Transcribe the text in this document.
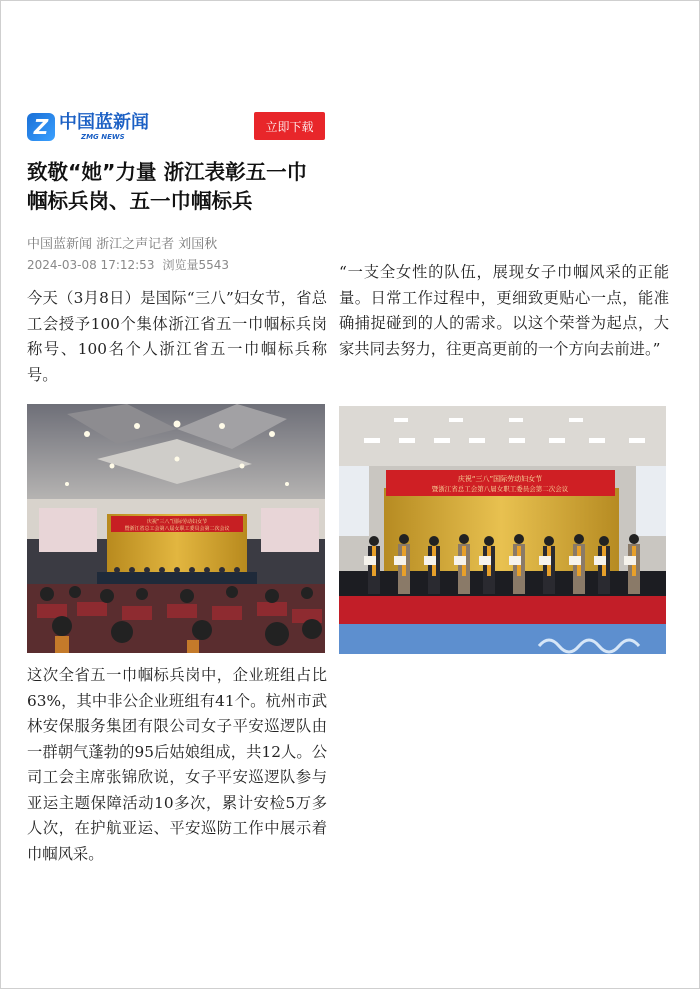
Z 中国蓝新闻
ZMG NEWS
立即下载
致敬“她”力量 浙江表彰五一巾帼标兵岗、五一巾帼标兵
中国蓝新闻 浙江之声记者 刘国秋
2024-03-08 17:12:53 浏览量5543

今天（3月8日）是国际“三八”妇女节，省总工会授予100个集体浙江省五一巾帼标兵岗称号、100名个人浙江省五一巾帼标兵称号。

庆祝“三八”国际劳动妇女节
暨浙江省总工会第八届女职工委员会第二次会议

这次全省五一巾帼标兵岗中，企业班组占比63%，其中非公企业班组有41个。杭州市武林安保服务集团有限公司女子平安巡逻队由一群朝气蓬勃的95后姑娘组成，共12人。公司工会主席张锦欣说，女子平安巡逻队参与亚运主题保障活动10多次，累计安检5万多人次，在护航亚运、平安巡防工作中展示着巾帼风采。

“一支全女性的队伍，展现女子巾帼风采的正能量。日常工作过程中，更细致更贴心一点，能准确捕捉碰到的人的需求。以这个荣誉为起点，大家共同去努力，往更高更前的一个方向去前进。”

庆祝“三八”国际劳动妇女节
暨浙江省总工会第八届女职工委员会第二次会议
